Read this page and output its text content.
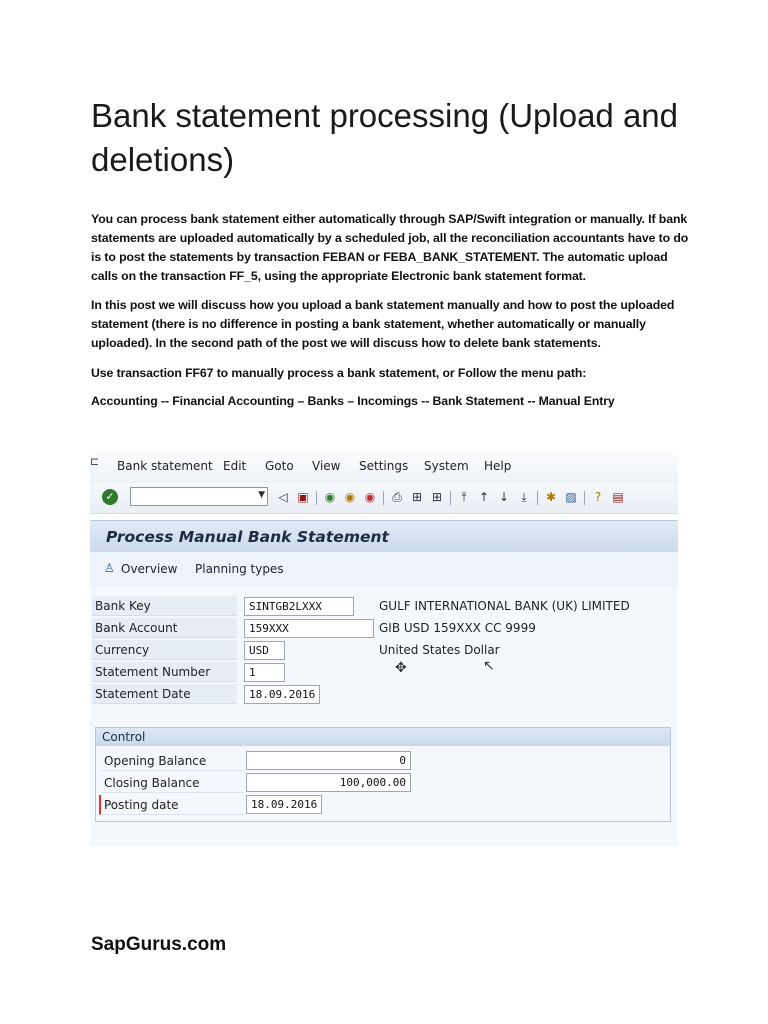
Bank statement processing (Upload and deletions)

You can process bank statement either automatically through SAP/Swift integration or manually. If bank statements are uploaded automatically by a scheduled job, all the reconciliation accountants have to do is to post the statements by transaction FEBAN or FEBA_BANK_STATEMENT. The automatic upload calls on the transaction FF_5, using the appropriate Electronic bank statement format.

In this post we will discuss how you upload a bank statement manually and how to post the uploaded statement (there is no difference in posting a bank statement, whether automatically or manually uploaded). In the second path of the post we will discuss how to delete bank statements.

Use transaction FF67 to manually process a bank statement, or Follow the menu path:

Accounting -- Financial Accounting – Banks – Incomings -- Bank Statement -- Manual Entry

⊏	Bank statement Edit Goto View Settings System Help
✓	▼ ◁ ▣ ◉ ◉ ◉ ⎙ ⊞ ⊞	⤒	↑ ↓	⤓	✱ ▨	? ▤
Process Manual Bank Statement
♙ Overview Planning types
Bank Key	SINTGB2LXXX	GULF INTERNATIONAL BANK (UK) LIMITED
Bank Account	159XXX	GIB USD 159XXX CC 9999
Currency	USD	United States Dollar
✥	↖
Statement Number	1
Statement Date	18.09.2016
Control
Opening Balance	0
Closing Balance	100,000.00
Posting date	18.09.2016

SapGurus.com
